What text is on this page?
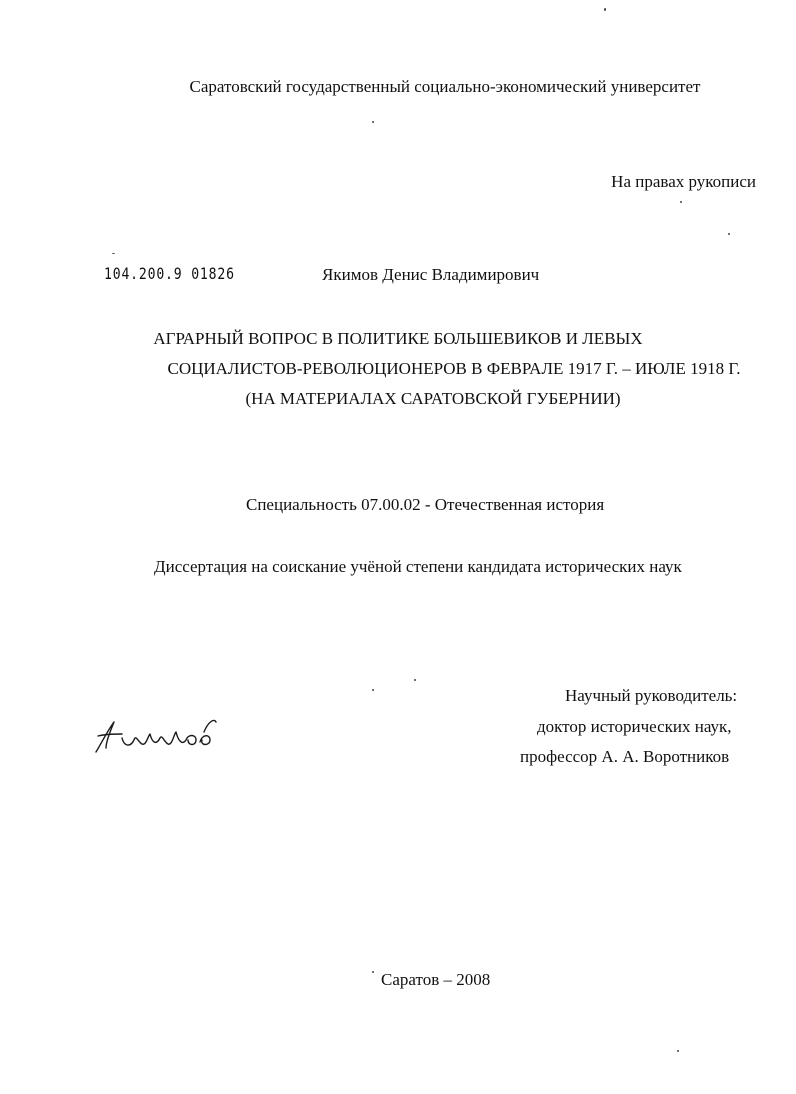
Саратовский государственный социально-экономический университет
На правах рукописи
104.200.9 01826	Якимов Денис Владимирович
АГРАРНЫЙ ВОПРОС В ПОЛИТИКЕ БОЛЬШЕВИКОВ И ЛЕВЫХ
СОЦИАЛИСТОВ-РЕВОЛЮЦИОНЕРОВ В ФЕВРАЛЕ 1917 Г. – ИЮЛЕ 1918 Г.
(НА МАТЕРИАЛАХ САРАТОВСКОЙ ГУБЕРНИИ)
Специальность 07.00.02 - Отечественная история
Диссертация на соискание учёной степени кандидата исторических наук
Научный руководитель:
доктор исторических наук,
профессор А. А. Воротников
Саратов – 2008
